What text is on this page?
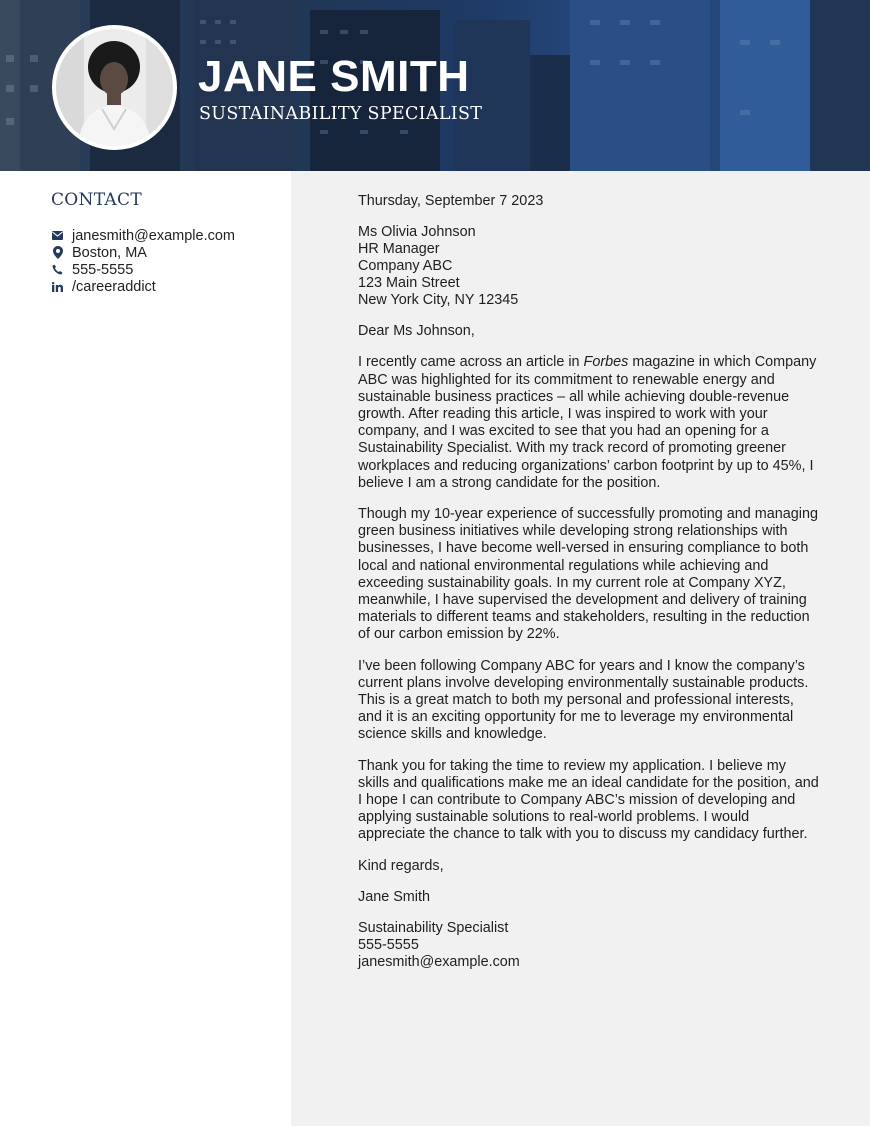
JANE SMITH
SUSTAINABILITY SPECIALIST
CONTACT
janesmith@example.com
Boston, MA
555-5555
/careeraddict
Thursday, September 7 2023
Ms Olivia Johnson
HR Manager
Company ABC
123 Main Street
New York City, NY 12345

Dear Ms Johnson,

I recently came across an article in Forbes magazine in which Company ABC was highlighted for its commitment to renewable energy and sustainable business practices – all while achieving double-revenue growth. After reading this article, I was inspired to work with your company, and I was excited to see that you had an opening for a Sustainability Specialist. With my track record of promoting greener workplaces and reducing organizations’ carbon footprint by up to 45%, I believe I am a strong candidate for the position.

Though my 10-year experience of successfully promoting and managing green business initiatives while developing strong relationships with businesses, I have become well-versed in ensuring compliance to both local and national environmental regulations while achieving and exceeding sustainability goals. In my current role at Company XYZ, meanwhile, I have supervised the development and delivery of training materials to different teams and stakeholders, resulting in the reduction of our carbon emission by 22%.

I’ve been following Company ABC for years and I know the company’s current plans involve developing environmentally sustainable products. This is a great match to both my personal and professional interests, and it is an exciting opportunity for me to leverage my environmental science skills and knowledge.

Thank you for taking the time to review my application. I believe my skills and qualifications make me an ideal candidate for the position, and I hope I can contribute to Company ABC’s mission of developing and applying sustainable solutions to real-world problems. I would appreciate the chance to talk with you to discuss my candidacy further.

Kind regards,

Jane Smith

Sustainability Specialist
555-5555
janesmith@example.com
